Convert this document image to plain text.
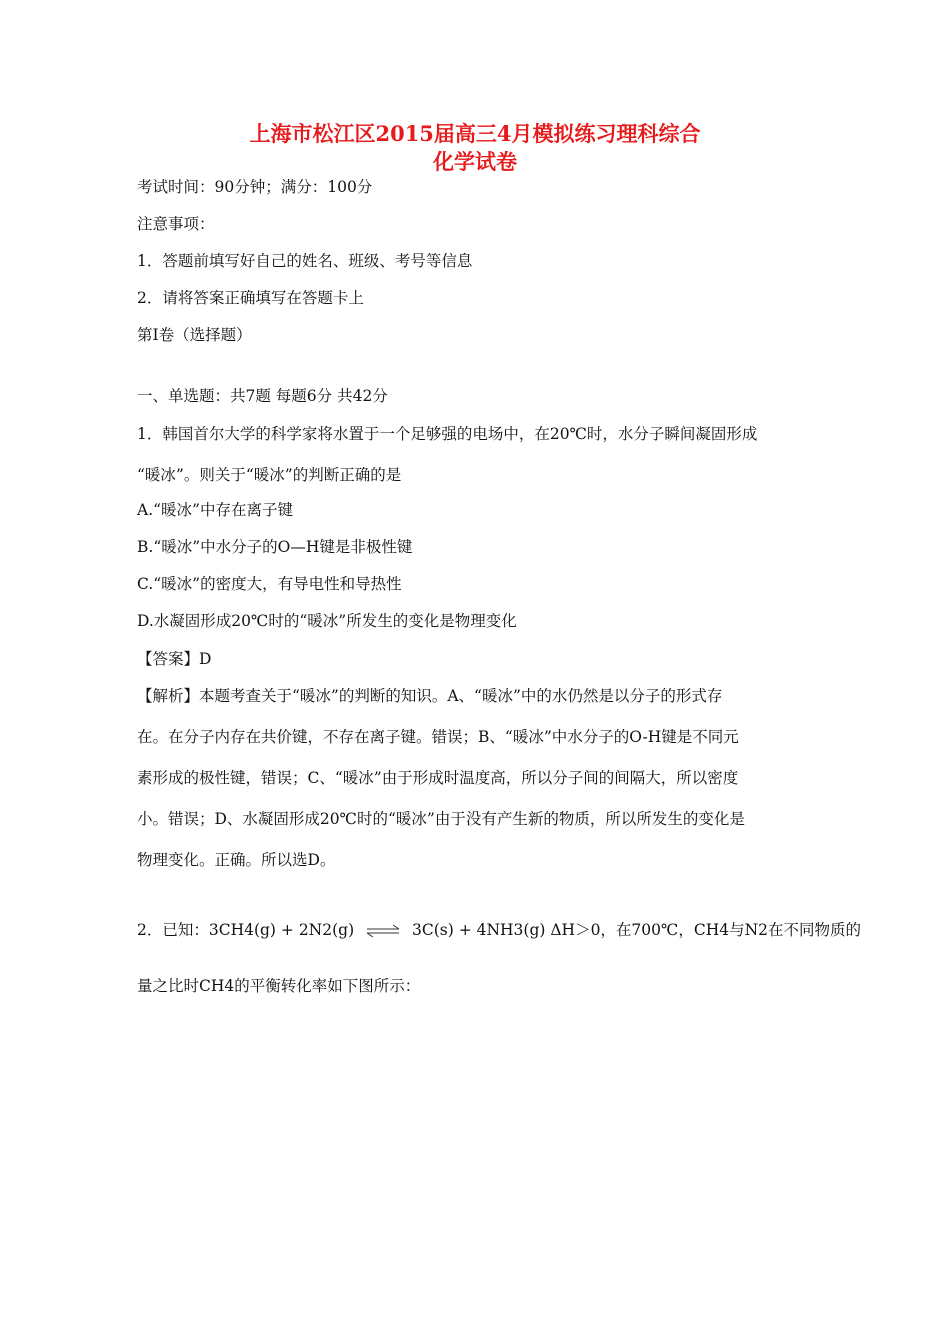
上海市松江区2015届高三4月模拟练习理科综合
化学试卷
考试时间：90分钟；满分：100分
注意事项：
1．答题前填写好自己的姓名、班级、考号等信息
2．请将答案正确填写在答题卡上
第I卷（选择题）
一、单选题：共7题 每题6分 共42分
1．韩国首尔大学的科学家将水置于一个足够强的电场中，在20℃时，水分子瞬间凝固形成
“暖冰”。则关于“暖冰”的判断正确的是
A.“暖冰”中存在离子键
B.“暖冰”中水分子的O—H键是非极性键
C.“暖冰”的密度大，有导电性和导热性
D.水凝固形成20℃时的“暖冰”所发生的变化是物理变化
【答案】D
【解析】本题考查关于“暖冰”的判断的知识。A、“暖冰”中的水仍然是以分子的形式存
在。在分子内存在共价键，不存在离子键。错误；B、“暖冰”中水分子的O-H键是不同元
素形成的极性键，错误；C、“暖冰”由于形成时温度高，所以分子间的间隔大，所以密度
小。错误；D、水凝固形成20℃时的“暖冰”由于没有产生新的物质，所以所发生的变化是
物理变化。正确。所以选D。
2．已知：3CH4(g) + 2N2(g) ⇌ 3C(s) + 4NH3(g) ΔH＞0，在700℃，CH4与N2在不同物质的
量之比时CH4的平衡转化率如下图所示：
